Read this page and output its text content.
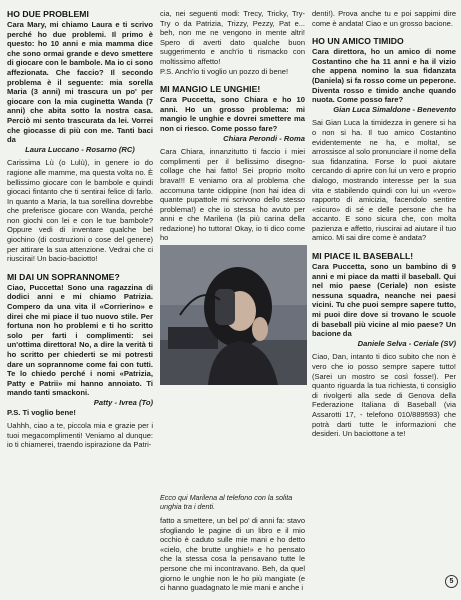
HO DUE PROBLEMI

Cara Mary, mi chiamo Laura e ti scrivo perché ho due problemi. Il primo è questo: ho 10 anni e mia mamma dice che sono ormai grande e devo smettere di giocare con le bambole. Ma io ci sono affezionata. Che faccio? Il secondo problema è il seguente: mia sorella Maria (3 anni) mi trascura un po' per giocare con la mia cuginetta Wanda (7 anni) che abita sotto la nostra casa. Perciò mi sento trascurata da lei. Vorrei che giocasse di più con me. Tanti baci da

Laura Luccano - Rosarno (RC)

Carissima Lù (o Lulù), in genere io do ragione alle mamme, ma questa volta no. È bellissimo giocare con le bambole e quindi giocaci fintanto che ti sentirai felice di farlo. In quanto a Maria, la tua sorellina dovrebbe che preferisce giocare con Wanda, perché non giochi con lei e con le tue bambole? Oppure vedi di inventare qualche bel giochino (di costruzioni o cose del genere) per attirare la sua attenzione. Vedrai che ci riuscirai! Un bacio-baciotto!

MI DAI UN SOPRANNOME?

Ciao, Puccetta! Sono una ragazzina di dodici anni e mi chiamo Patrizia. Compero da una vita il «Corrierino» e direi che mi piace il tuo nuovo stile. Per fortuna non ho problemi e ti ho scritto solo per farti i complimenti: sei un'ottima direttora! No, a dire la verità ti ho scritto per chiederti se mi potresti dare un soprannome come fai con tutti. Te lo chiedo perché i nomi «Patrizia, Patty e Patrii» mi hanno annoiato. Ti mando tanti smackoni.

Patty - Ivrea (To)

P.S. Ti voglio bene!

Uahhh, ciao a te, piccola mia e grazie per i tuoi megacomplimenti! Veniamo al dunque: io ti chiamerei, traendo ispirazione da Patri-

cia, nei seguenti modi: Trecy, Tricky, Try-Try o da Patrizia, Trizzy, Pezzy, Pat e... beh, non me ne vengono in mente altri! Spero di averti dato qualche buon suggerimento e anch'io ti rismacko con moltissimo affetto!

P.S. Anch'io ti voglio un pozzo di bene!

MI MANGIO LE UNGHIE!

Cara Puccetta, sono Chiara e ho 10 anni. Ho un grosso problema: mi mangio le unghie e dovrei smettere ma non ci riesco. Come posso fare?

Chiara Perondi - Roma

Cara Chiara, innanzitutto ti faccio i miei complimenti per il bellissimo disegno-collage che hai fatto! Sei proprio molto brava!!! E veniamo ora al problema che accomuna tante cidippine (non hai idea di quante pupattole mi scrivono dello stesso problema!) e che io stessa ho avuto per anni e che Marilena (la più carina della redazione) ho tuttora! Okay, io ti dico come ho

Ecco qui Marilena al telefono con la solita unghia tra i denti.

fatto a smettere, un bel po' di anni fa: stavo sfogliando le pagine di un libro e il mio occhio è caduto sulle mie mani e ho detto «cielo, che brutte unghie!» e ho pensato che la stessa cosa la pensavano tutte le persone che mi incontravano. Beh, da quel giorno le unghie non le ho più mangiate (e ci hanno guadagnato le mie mani e anche i

denti!). Prova anche tu e poi sappimi dire come è andata! Ciao e un grosso bacione.

HO UN AMICO TIMIDO

Cara direttora, ho un amico di nome Costantino che ha 11 anni e ha il vizio che appena nomino la sua fidanzata (Daniela) si fa rosso come un peperone. Diventa rosso e timido anche quando nuota. Come posso fare?

Gian Luca Simaldone - Benevento

Sai Gian Luca la timidezza in genere si ha o non si ha. Il tuo amico Costantino evidentemente ne ha, e molta!, se arrossisce al solo pronunciare il nome della sua fidanzatina. Forse lo puoi aiutare cercando di aprire con lui un vero e proprio dialogo, mostrando interesse per la sua vita e stabilendo quindi con lui un «vero» rapporto di amicizia, facendolo sentire «sicuro» di sé e delle persone che ha accanto. E sono sicura che, con molta pazienza e affetto, riuscirai ad aiutare il tuo amico. Mi sai dire come è andata?

MI PIACE IL BASEBALL!

Cara Puccetta, sono un bambino di 9 anni e mi piace da matti il baseball. Qui nel mio paese (Ceriale) non esiste nessuna squadra, neanche nei paesi vicini. Tu che puoi sempre sapere tutto, mi puoi dire dove si trovano le scuole di baseball più vicine al mio paese? Un bacione da

Daniele Selva - Ceriale (SV)

Ciao, Dan, intanto ti dico subito che non è vero che io posso sempre sapere tutto! (Sarei un mostro se così fosse!). Per quanto riguarda la tua richiesta, ti consiglio di rivolgerti alla sede di Genova della Federazione Italiana di Baseball (via Assarotti 17, - telefono 010/889593) che potrà darti tutte le informazioni che desideri. Un baciottone a te!

5
